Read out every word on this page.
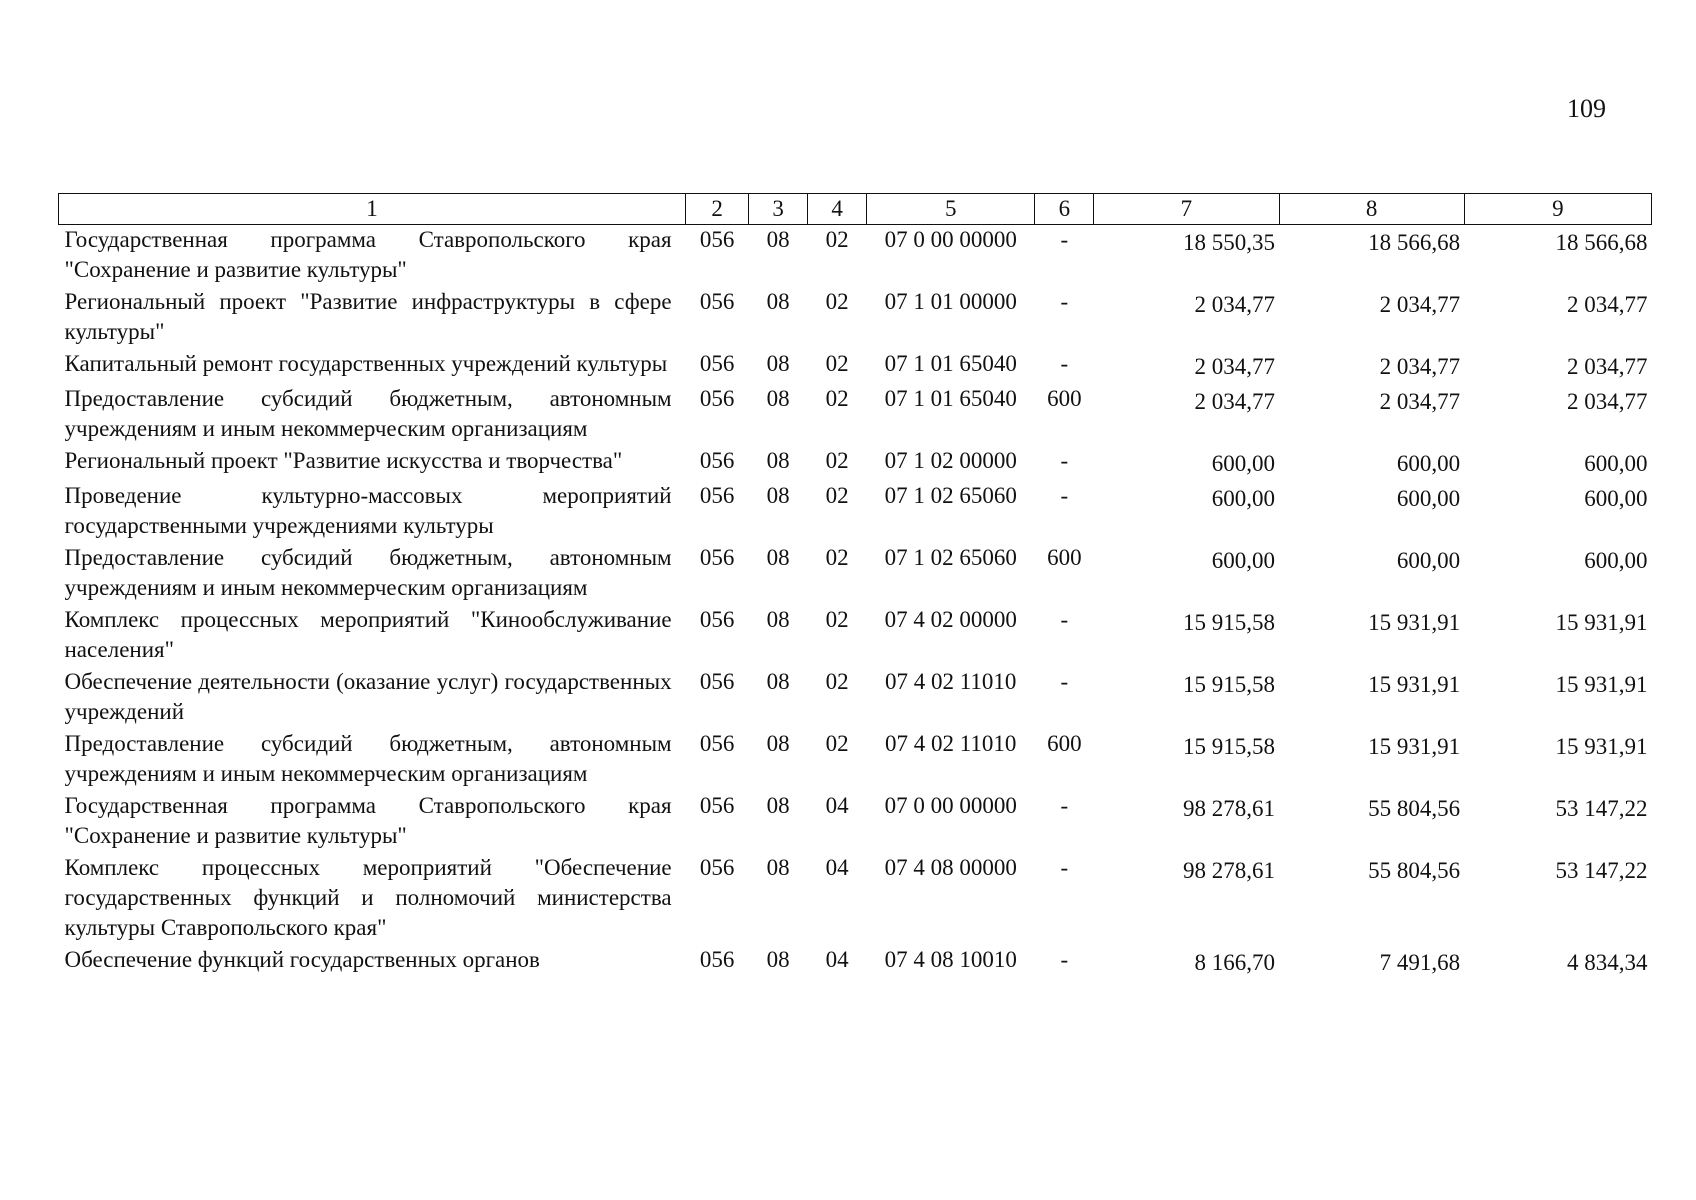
109
1	2	3	4	5	6	7	8	9
Государственная программа Ставропольского края "Сохранение и развитие культуры"	056	08	02	07 0 00 00000	-	18 550,35	18 566,68	18 566,68
Региональный проект "Развитие инфраструктуры в сфере культуры"	056	08	02	07 1 01 00000	-	2 034,77	2 034,77	2 034,77
Капитальный ремонт государственных учреждений культуры	056	08	02	07 1 01 65040	-	2 034,77	2 034,77	2 034,77
Предоставление субсидий бюджетным, автономным учреждениям и иным некоммерческим организациям	056	08	02	07 1 01 65040	600	2 034,77	2 034,77	2 034,77
Региональный проект "Развитие искусства и творчества"	056	08	02	07 1 02 00000	-	600,00	600,00	600,00
Проведение культурно-массовых мероприятий государственными учреждениями культуры	056	08	02	07 1 02 65060	-	600,00	600,00	600,00
Предоставление субсидий бюджетным, автономным учреждениям и иным некоммерческим организациям	056	08	02	07 1 02 65060	600	600,00	600,00	600,00
Комплекс процессных мероприятий "Кинообслуживание населения"	056	08	02	07 4 02 00000	-	15 915,58	15 931,91	15 931,91
Обеспечение деятельности (оказание услуг) государственных учреждений	056	08	02	07 4 02 11010	-	15 915,58	15 931,91	15 931,91
Предоставление субсидий бюджетным, автономным учреждениям и иным некоммерческим организациям	056	08	02	07 4 02 11010	600	15 915,58	15 931,91	15 931,91
Государственная программа Ставропольского края "Сохранение и развитие культуры"	056	08	04	07 0 00 00000	-	98 278,61	55 804,56	53 147,22
Комплекс процессных мероприятий "Обеспечение государственных функций и полномочий министерства культуры Ставропольского края"	056	08	04	07 4 08 00000	-	98 278,61	55 804,56	53 147,22
Обеспечение функций государственных органов	056	08	04	07 4 08 10010	-	8 166,70	7 491,68	4 834,34
